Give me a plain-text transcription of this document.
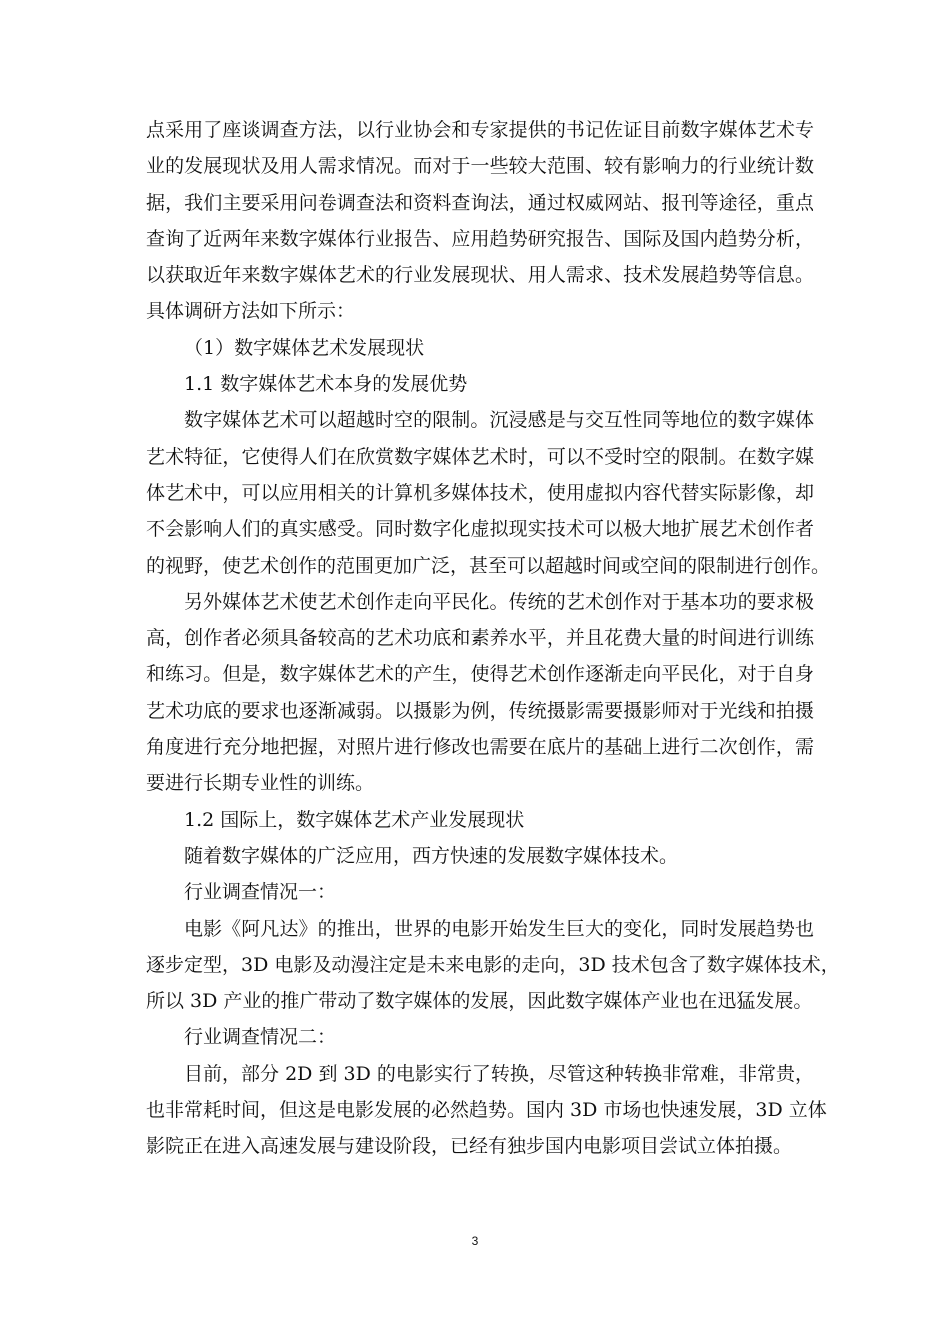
点采用了座谈调查方法，以行业协会和专家提供的书记佐证目前数字媒体艺术专
业的发展现状及用人需求情况。而对于一些较大范围、较有影响力的行业统计数
据，我们主要采用问卷调查法和资料查询法，通过权威网站、报刊等途径，重点
查询了近两年来数字媒体行业报告、应用趋势研究报告、国际及国内趋势分析，
以获取近年来数字媒体艺术的行业发展现状、用人需求、技术发展趋势等信息。
具体调研方法如下所示：
（1）数字媒体艺术发展现状
1.1 数字媒体艺术本身的发展优势
数字媒体艺术可以超越时空的限制。沉浸感是与交互性同等地位的数字媒体
艺术特征，它使得人们在欣赏数字媒体艺术时，可以不受时空的限制。在数字媒
体艺术中，可以应用相关的计算机多媒体技术，使用虚拟内容代替实际影像，却
不会影响人们的真实感受。同时数字化虚拟现实技术可以极大地扩展艺术创作者
的视野，使艺术创作的范围更加广泛，甚至可以超越时间或空间的限制进行创作。
另外媒体艺术使艺术创作走向平民化。传统的艺术创作对于基本功的要求极
高，创作者必须具备较高的艺术功底和素养水平，并且花费大量的时间进行训练
和练习。但是，数字媒体艺术的产生，使得艺术创作逐渐走向平民化，对于自身
艺术功底的要求也逐渐减弱。以摄影为例，传统摄影需要摄影师对于光线和拍摄
角度进行充分地把握，对照片进行修改也需要在底片的基础上进行二次创作，需
要进行长期专业性的训练。
1.2 国际上，数字媒体艺术产业发展现状
随着数字媒体的广泛应用，西方快速的发展数字媒体技术。
行业调查情况一：
电影《阿凡达》的推出，世界的电影开始发生巨大的变化，同时发展趋势也
逐步定型，3D 电影及动漫注定是未来电影的走向，3D 技术包含了数字媒体技术，
所以 3D 产业的推广带动了数字媒体的发展，因此数字媒体产业也在迅猛发展。
行业调查情况二：
目前，部分 2D 到 3D 的电影实行了转换，尽管这种转换非常难，非常贵，
也非常耗时间，但这是电影发展的必然趋势。国内 3D 市场也快速发展，3D 立体
影院正在进入高速发展与建设阶段，已经有独步国内电影项目尝试立体拍摄。
3
